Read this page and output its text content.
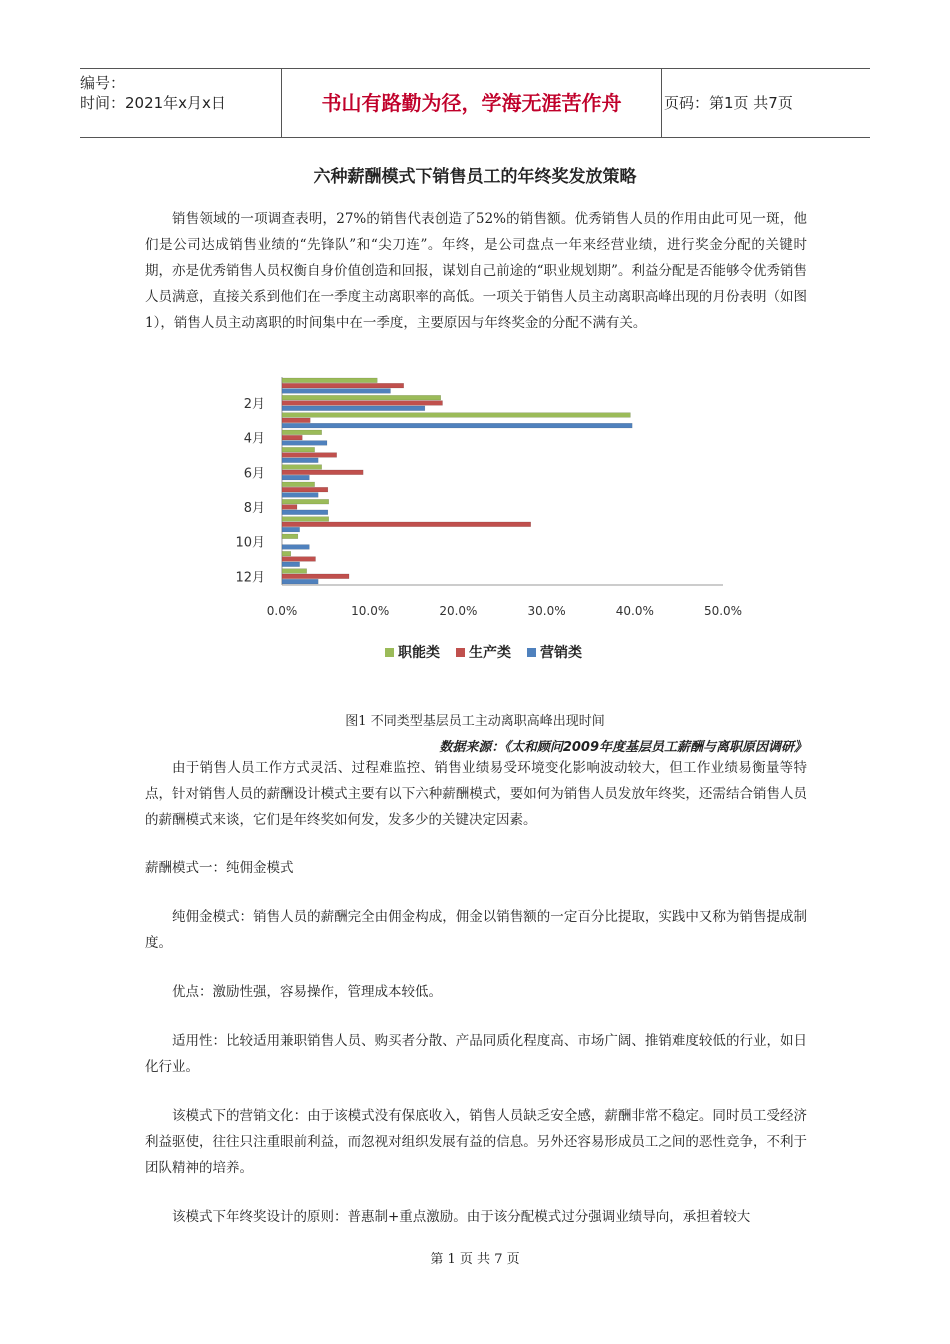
编号：
时间：2021年x月x日	书山有路勤为径，学海无涯苦作舟	页码：第1页 共7页
六种薪酬模式下销售员工的年终奖发放策略
销售领域的一项调查表明，27%的销售代表创造了52%的销售额。优秀销售人员的作用由此可见一斑，他们是公司达成销售业绩的“先锋队”和“尖刀连”。年终，是公司盘点一年来经营业绩，进行奖金分配的关键时期，亦是优秀销售人员权衡自身价值创造和回报，谋划自己前途的“职业规划期”。利益分配是否能够令优秀销售人员满意，直接关系到他们在一季度主动离职率的高低。一项关于销售人员主动离职高峰出现的月份表明（如图1），销售人员主动离职的时间集中在一季度，主要原因与年终奖金的分配不满有关。
2月
4月
6月
8月
10月
12月
0.0%	10.0%	20.0%	30.0%	40.0%	50.0%
职能类 生产类 营销类
图1 不同类型基层员工主动离职高峰出现时间
数据来源：《太和顾问2009年度基层员工薪酬与离职原因调研》
由于销售人员工作方式灵活、过程难监控、销售业绩易受环境变化影响波动较大，但工作业绩易衡量等特点，针对销售人员的薪酬设计模式主要有以下六种薪酬模式，要如何为销售人员发放年终奖，还需结合销售人员的薪酬模式来谈，它们是年终奖如何发，发多少的关键决定因素。
薪酬模式一：纯佣金模式
纯佣金模式：销售人员的薪酬完全由佣金构成，佣金以销售额的一定百分比提取，实践中又称为销售提成制度。
优点：激励性强，容易操作，管理成本较低。
适用性：比较适用兼职销售人员、购买者分散、产品同质化程度高、市场广阔、推销难度较低的行业，如日化行业。
该模式下的营销文化：由于该模式没有保底收入，销售人员缺乏安全感，薪酬非常不稳定。同时员工受经济利益驱使，往往只注重眼前利益，而忽视对组织发展有益的信息。另外还容易形成员工之间的恶性竞争，不利于团队精神的培养。
该模式下年终奖设计的原则：普惠制+重点激励。由于该分配模式过分强调业绩导向，承担着较大
第 1 页 共 7 页
